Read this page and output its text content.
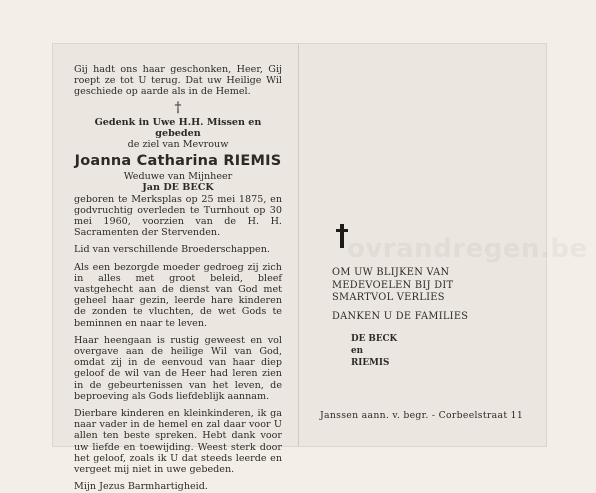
Gij hadt ons haar geschonken, Heer, Gij roept ze tot U terug. Dat uw Heilige Wil geschiede op aarde als in de Hemel.

†

Gedenk in Uwe H.H. Missen en gebeden

de ziel van Mevrouw

Joanna Catharina RIEMIS

Weduwe van Mijnheer

Jan DE BECK

geboren te Merksplas op 25 mei 1875, en godvruchtig overleden te Turnhout op 30 mei 1960, voorzien van de H. H. Sacramenten der Stervenden.

Lid van verschillende Broederschappen.

Als een bezorgde moeder gedroeg zij zich in alles met groot beleid, bleef vastgehecht aan de dienst van God met geheel haar gezin, leerde hare kinderen de zonden te vluchten, de wet Gods te beminnen en naar te leven.

Haar heengaan is rustig geweest en vol overgave aan de heilige Wil van God, omdat zij in de eenvoud van haar diep geloof de wil van de Heer had leren zien in de gebeurtenissen van het leven, de beproeving als Gods liefdeblijk aannam.

Dierbare kinderen en kleinkinderen, ik ga naar vader in de hemel en zal daar voor U allen ten beste spreken. Hebt dank voor uw liefde en toewijding. Weest sterk door het geloof, zoals ik U dat steeds leerde en vergeet mij niet in uwe gebeden.

Mijn Jezus Barmhartigheid.

ovrandregen.be
OM UW BLIJKEN VAN
MEDEVOELEN BIJ DIT
SMARTVOL VERLIES
DANKEN U DE FAMILIES
DE BECK
en
RIEMIS
Janssen aann. v. begr. - Corbeelstraat 11
